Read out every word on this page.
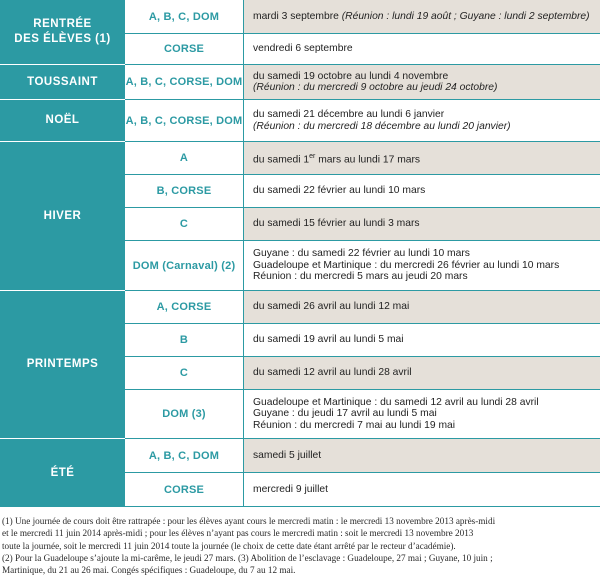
RENTRÉE
DES ÉLÈVES (1)
TOUSSAINT
NOËL
HIVER
PRINTEMPS
ÉTÉ
A, B, C, DOM
CORSE
A, B, C, CORSE, DOM
A, B, C, CORSE, DOM
A
B, CORSE
C
DOM (Carnaval) (2)
A, CORSE
B
C
DOM (3)
A, B, C, DOM
CORSE
mardi 3 septembre
(Réunion : lundi 19 août ; Guyane : lundi 2 septembre)
vendredi 6 septembre
du samedi 19 octobre au lundi 4 novembre
(Réunion : du mercredi 9 octobre au jeudi 24 octobre)
du samedi 21 décembre au lundi 6 janvier
(Réunion : du mercredi 18 décembre au lundi 20 janvier)
du samedi 1er mars au lundi 17 mars
du samedi 22 février au lundi 10 mars
du samedi 15 février au lundi 3 mars
Guyane : du samedi 22 février au lundi 10 mars
Guadeloupe et Martinique : du mercredi 26 février au lundi 10 mars
Réunion : du mercredi 5 mars au jeudi 20 mars
du samedi 26 avril au lundi 12 mai
du samedi 19 avril au lundi 5 mai
du samedi 12 avril au lundi 28 avril
Guadeloupe et Martinique : du samedi 12 avril au lundi 28 avril
Guyane : du jeudi 17 avril au lundi 5 mai
Réunion : du mercredi 7 mai au lundi 19 mai
samedi 5 juillet
mercredi 9 juillet

(1) Une journée de cours doit être rattrapée : pour les élèves ayant cours le mercredi matin : le mercredi 13 novembre 2013 après-midi

et le mercredi 11 juin 2014 après-midi ; pour les élèves n’ayant pas cours le mercredi matin : soit le mercredi 13 novembre 2013

toute la journée, soit le mercredi 11 juin 2014 toute la journée (le choix de cette date étant arrêté par le recteur d’académie).

(2) Pour la Guadeloupe s’ajoute la mi-carême, le jeudi 27 mars. (3) Abolition de l’esclavage : Guadeloupe, 27 mai ; Guyane, 10 juin ;

Martinique, du 21 au 26 mai. Congés spécifiques : Guadeloupe, du 7 au 12 mai.
